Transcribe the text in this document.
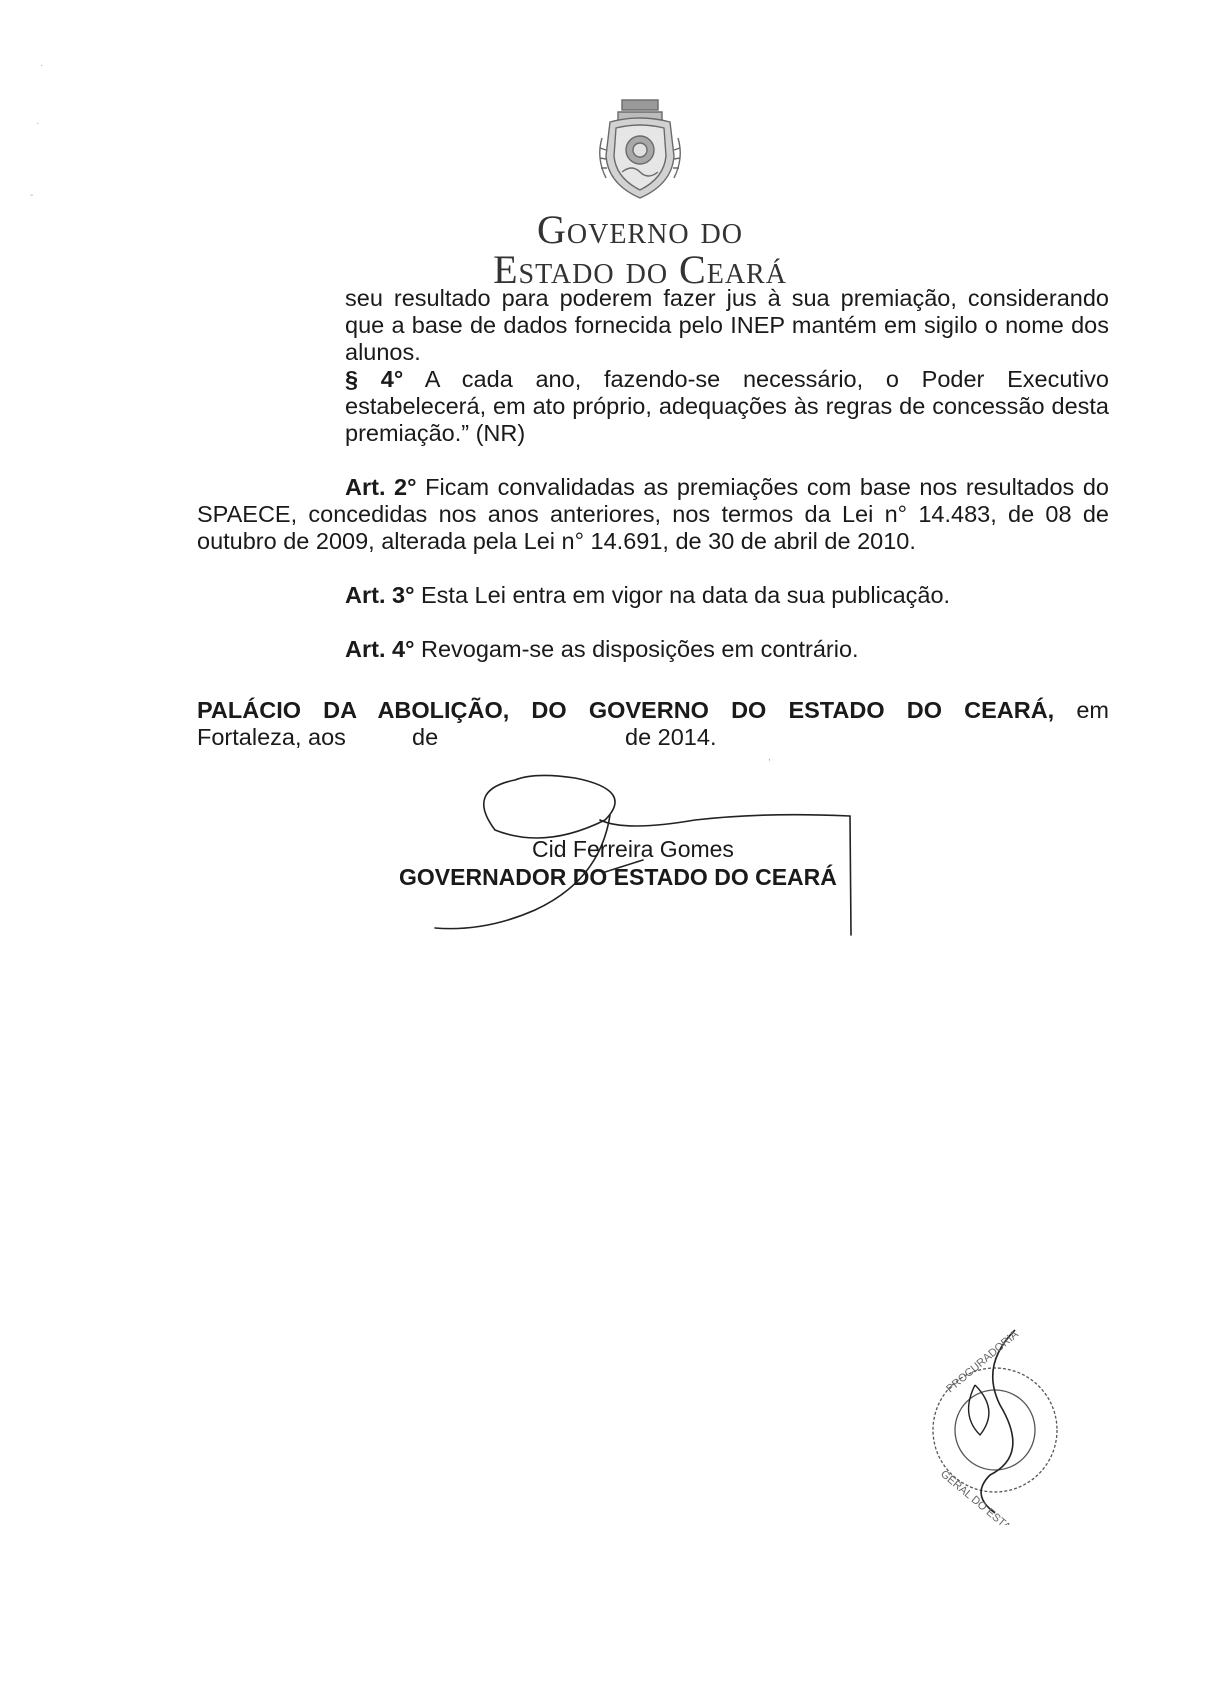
Governo do
Estado do Ceará

seu resultado para poderem fazer jus à sua premiação, considerando que a base de dados fornecida pelo INEP mantém em sigilo o nome dos alunos.

§ 4° A cada ano, fazendo-se necessário, o Poder Executivo estabelecerá, em ato próprio, adequações às regras de concessão desta premiação.” (NR)

Art. 2° Ficam convalidadas as premiações com base nos resultados do SPAECE, concedidas nos anos anteriores, nos termos da Lei n° 14.483, de 08 de outubro de 2009, alterada pela Lei n° 14.691, de 30 de abril de 2010.

Art. 3° Esta Lei entra em vigor na data da sua publicação.

Art. 4° Revogam-se as disposições em contrário.

PALÁCIO DA ABOLIÇÃO, DO GOVERNO DO ESTADO DO CEARÁ, em

Fortaleza, aos	de	de 2014.
Cid Ferreira Gomes
GOVERNADOR DO ESTADO DO CEARÁ
PROCURADORIA
GERAL DO ESTADO
·
·
-
,
